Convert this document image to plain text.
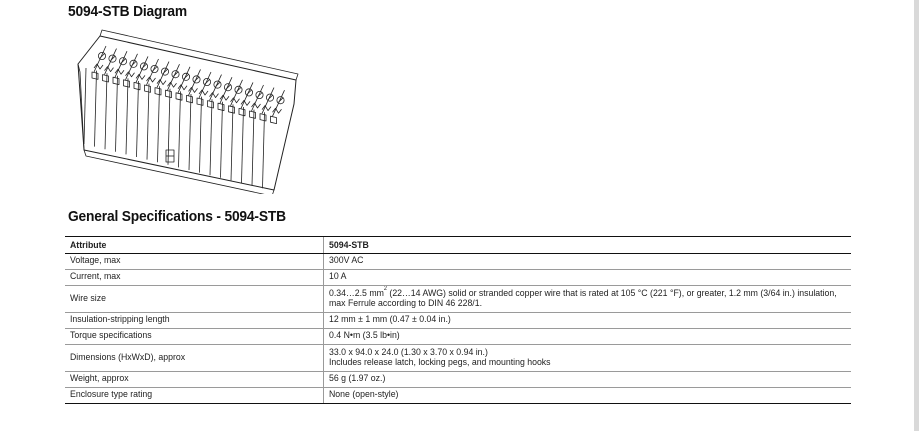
5094-STB Diagram
General Specifications - 5094-STB
Attribute	5094-STB
Voltage, max	300V AC
Current, max	10 A
Wire size	0.34…2.5 $mm^2$ (22…14 AWG) solid or stranded copper wire that is rated at 105 °C (221 °F), or greater, 1.2 mm (3/64 in.) insulation,
max Ferrule according to DIN 46 228/1.
Insulation-stripping length	12 mm ± 1 mm (0.47 ± 0.04 in.)
Torque specifications	0.4 N•m (3.5 lb•in)
Dimensions (HxWxD), approx	33.0 x 94.0 x 24.0 (1.30 x 3.70 x 0.94 in.)
Includes release latch, locking pegs, and mounting hooks
Weight, approx	56 g (1.97 oz.)
Enclosure type rating	None (open-style)
